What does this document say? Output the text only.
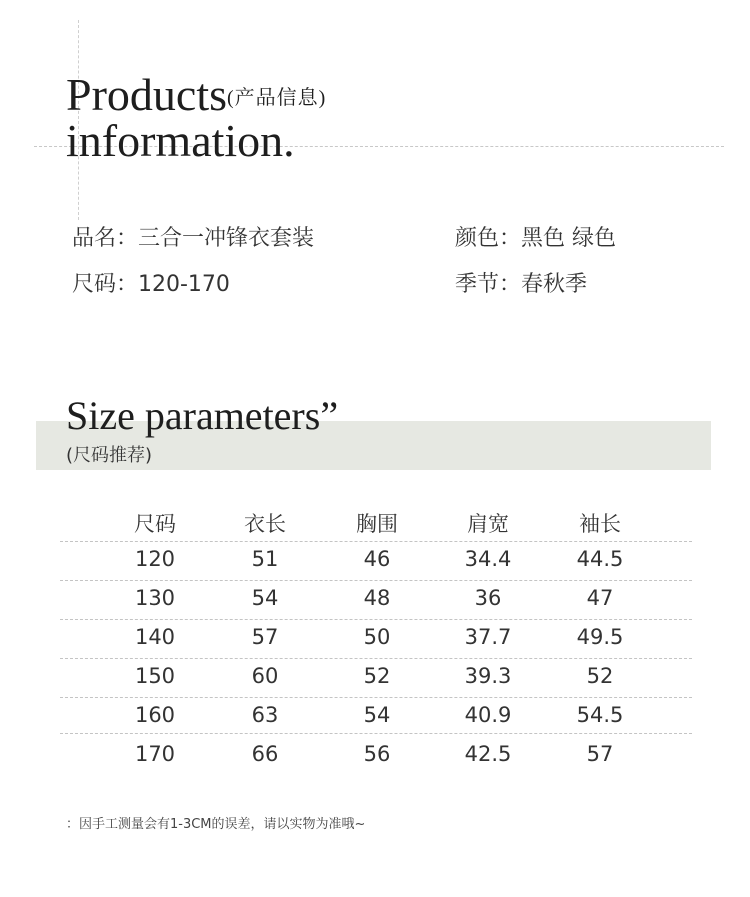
Products$^{(产品信息)}$
information.
品名：三合一冲锋衣套装	颜色：黑色 绿色
尺码：120-170	季节：春秋季
Size parameters”
(尺码推荐)
尺码	衣长	胸围	肩宽	袖长
120	51	46	34.4	44.5
130	54	48	36	47
140	57	50	37.7	49.5
150	60	52	39.3	52
160	63	54	40.9	54.5
170	66	56	42.5	57
：因手工测量会有1-3CM的误差，请以实物为准哦~
